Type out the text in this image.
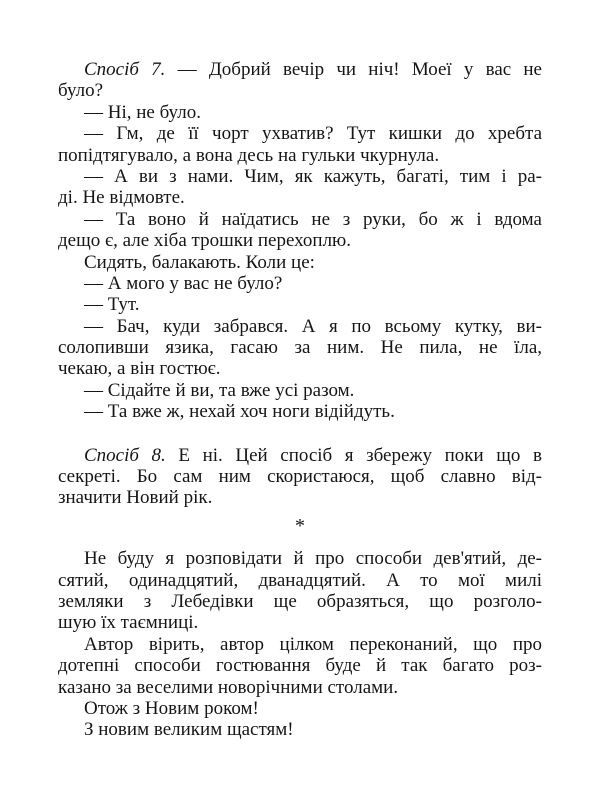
Спосіб 7. — Добрий вечір чи ніч! Моеї у вас не
було?
— Ні, не було.
— Гм, де її чорт ухватив? Тут кишки до хребта
попідтягувало, а вона десь на гульки чкурнула.
— А ви з нами. Чим, як кажуть, багаті, тим і ра-
ді. Не відмовте.
— Та воно й наїдатись не з руки, бо ж і вдома
дещо є, але хіба трошки перехоплю.
Сидять, балакають. Коли це:
— А мого у вас не було?
— Тут.
— Бач, куди забрався. А я по всьому кутку, ви-
солопивши язика, гасаю за ним. Не пила, не їла,
чекаю, а він гостює.
— Сідайте й ви, та вже усі разом.
— Та вже ж, нехай хоч ноги відійдуть.
Спосіб 8. Е ні. Цей спосіб я збережу поки що в
секреті. Бо сам ним скористаюся, щоб славно від-
значити Новий рік.
*
Не буду я розповідати й про способи дев'ятий, де-
сятий, одинадцятий, дванадцятий. А то мої милі
земляки з Лебедівки ще образяться, що розголо-
шую їх таємниці.
Автор вірить, автор цілком переконаний, що про
дотепні способи гостювання буде й так багато роз-
казано за веселими новорічними столами.
Отож з Новим роком!
З новим великим щастям!
